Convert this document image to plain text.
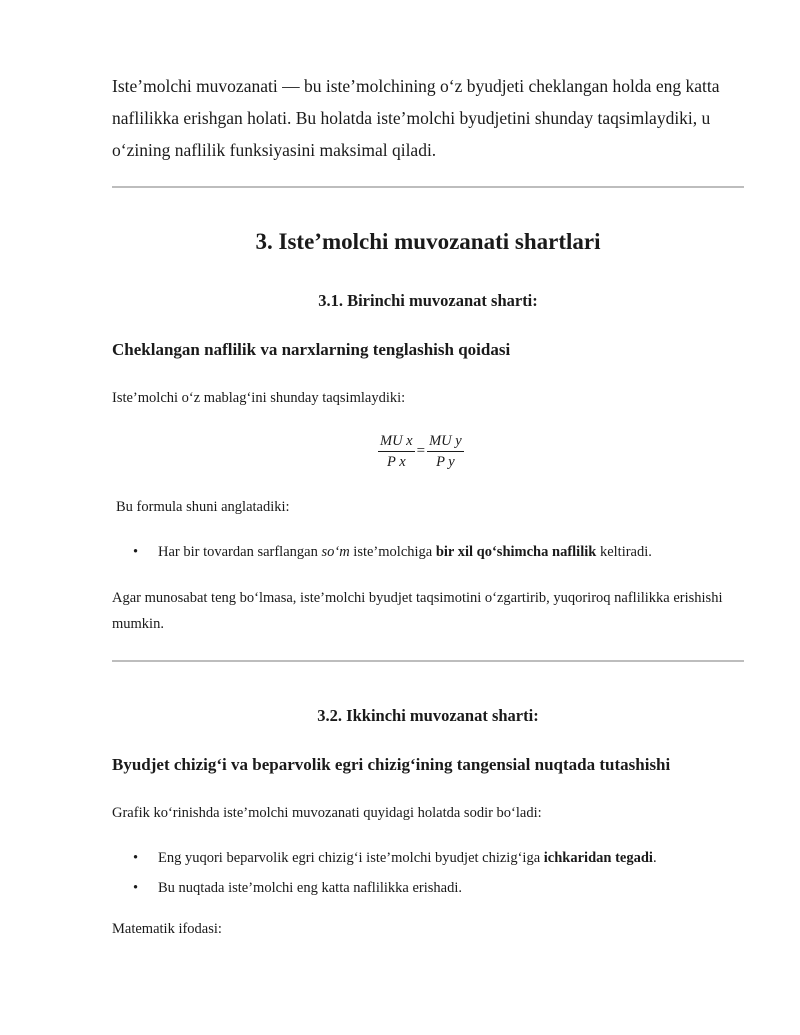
Iste’molchi muvozanati — bu iste’molchining o‘z byudjeti cheklangan holda eng katta naflilikka erishgan holati. Bu holatda iste’molchi byudjetini shunday taqsimlaydiki, u o‘zining naflilik funksiyasini maksimal qiladi.

3. Iste’molchi muvozanati shartlari
3.1. Birinchi muvozanat sharti:
Cheklangan naflilik va narxlarning tenglashish qoidasi

Iste’molchi o‘z mablag‘ini shunday taqsimlaydiki:

$\frac{\text{MU x}}{\text{P x}} = \frac{\text{MU y}}{\text{P y}}$

Bu formula shuni anglatadiki:

• Har bir tovardan sarflangan so‘m iste’molchiga bir xil qo‘shimcha naflilik keltiradi.

Agar munosabat teng bo‘lmasa, iste’molchi byudjet taqsimotini o‘zgartirib, yuqoriroq naflilikka erishishi mumkin.

3.2. Ikkinchi muvozanat sharti:
Byudjet chizig‘i va beparvolik egri chizig‘ining tangensial nuqtada tutashishi

Grafik ko‘rinishda iste’molchi muvozanati quyidagi holatda sodir bo‘ladi:

• Eng yuqori beparvolik egri chizig‘i iste’molchi byudjet chizig‘iga ichkaridan tegadi.
• Bu nuqtada iste’molchi eng katta naflilikka erishadi.

Matematik ifodasi:
